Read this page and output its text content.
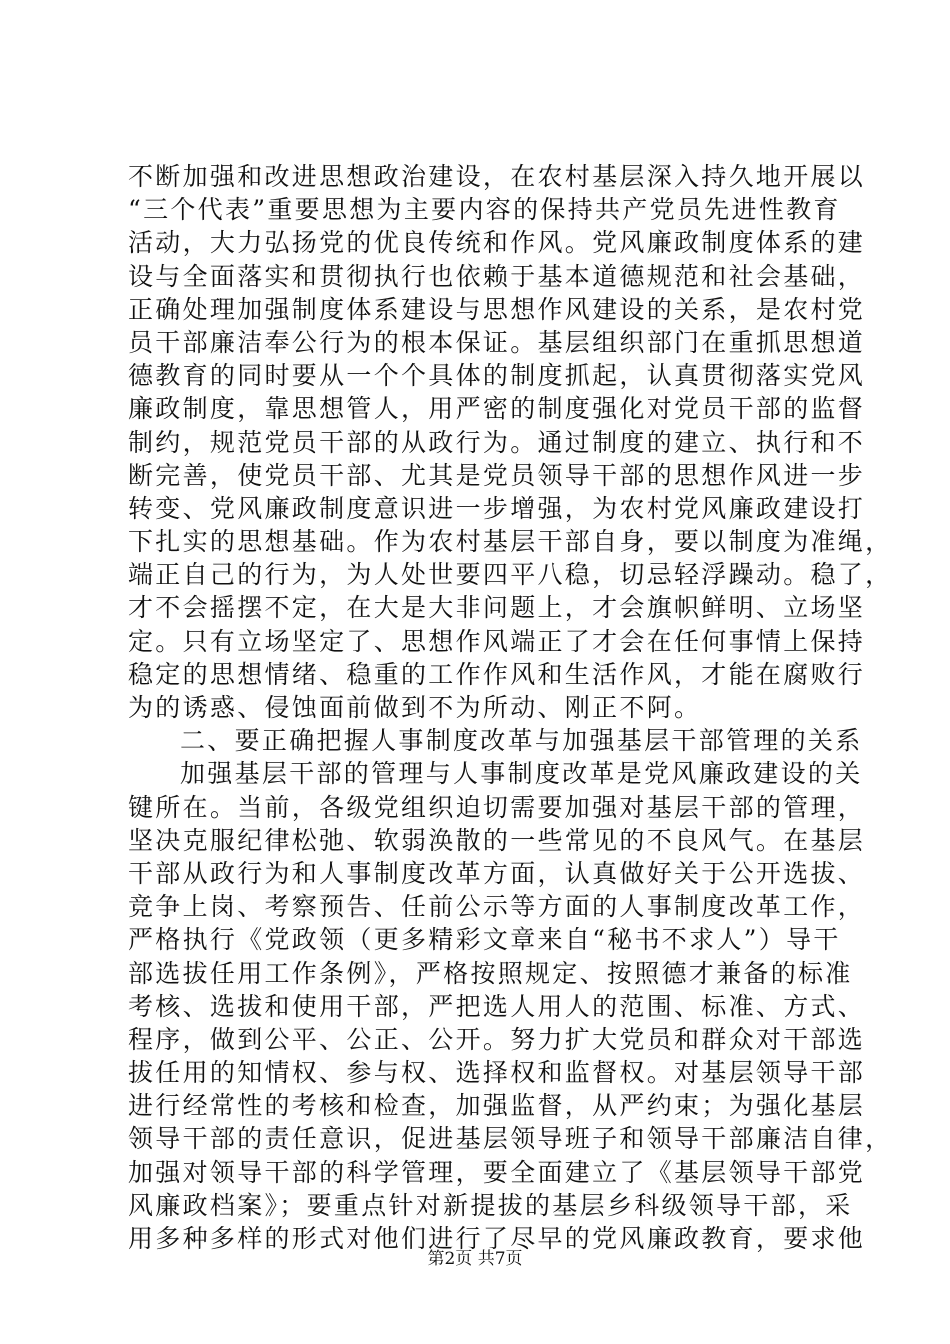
不断加强和改进思想政治建设，在农村基层深入持久地开展以
“三个代表”重要思想为主要内容的保持共产党员先进性教育
活动，大力弘扬党的优良传统和作风。党风廉政制度体系的建
设与全面落实和贯彻执行也依赖于基本道德规范和社会基础，
正确处理加强制度体系建设与思想作风建设的关系，是农村党
员干部廉洁奉公行为的根本保证。基层组织部门在重抓思想道
德教育的同时要从一个个具体的制度抓起，认真贯彻落实党风
廉政制度，靠思想管人，用严密的制度强化对党员干部的监督
制约，规范党员干部的从政行为。通过制度的建立、执行和不
断完善，使党员干部、尤其是党员领导干部的思想作风进一步
转变、党风廉政制度意识进一步增强，为农村党风廉政建设打
下扎实的思想基础。作为农村基层干部自身，要以制度为准绳，
端正自己的行为，为人处世要四平八稳，切忌轻浮躁动。稳了，
才不会摇摆不定，在大是大非问题上，才会旗帜鲜明、立场坚
定。只有立场坚定了、思想作风端正了才会在任何事情上保持
稳定的思想情绪、稳重的工作作风和生活作风，才能在腐败行
为的诱惑、侵蚀面前做到不为所动、刚正不阿。
二、要正确把握人事制度改革与加强基层干部管理的关系
加强基层干部的管理与人事制度改革是党风廉政建设的关
键所在。当前，各级党组织迫切需要加强对基层干部的管理，
坚决克服纪律松弛、软弱涣散的一些常见的不良风气。在基层
干部从政行为和人事制度改革方面，认真做好关于公开选拔、
竞争上岗、考察预告、任前公示等方面的人事制度改革工作，
严格执行《党政领（更多精彩文章来自“秘书不求人”）导干
部选拔任用工作条例》，严格按照规定、按照德才兼备的标准
考核、选拔和使用干部，严把选人用人的范围、标准、方式、
程序，做到公平、公正、公开。努力扩大党员和群众对干部选
拔任用的知情权、参与权、选择权和监督权。对基层领导干部
进行经常性的考核和检查，加强监督，从严约束；为强化基层
领导干部的责任意识，促进基层领导班子和领导干部廉洁自律，
加强对领导干部的科学管理，要全面建立了《基层领导干部党
风廉政档案》；要重点针对新提拔的基层乡科级领导干部，采
用多种多样的形式对他们进行了尽早的党风廉政教育，要求他
第2页 共7页
